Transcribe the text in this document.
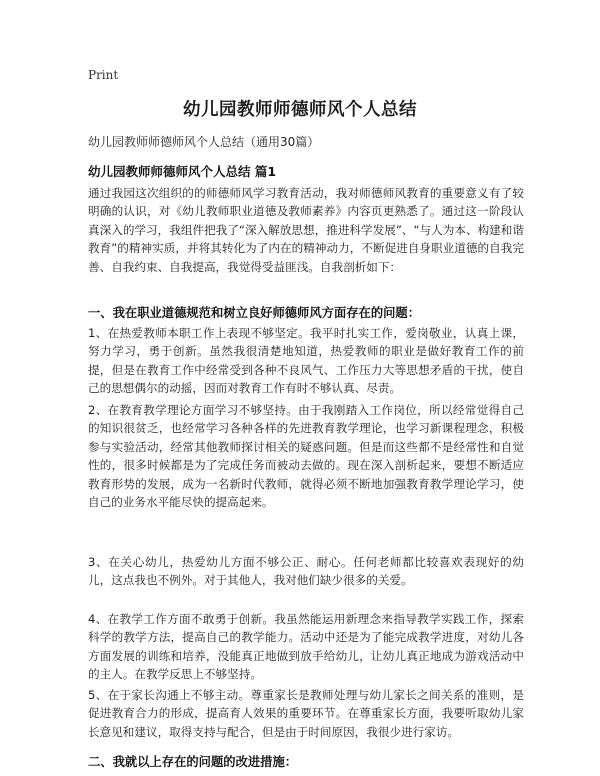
Print
幼儿园教师师德师风个人总结
幼儿园教师师德师风个人总结（通用30篇）
幼儿园教师师德师风个人总结 篇1

通过我园这次组织的的师德师风学习教育活动，我对师德师风教育的重要意义有了较明确的认识，对《幼儿教师职业道德及教师素养》内容页更熟悉了。通过这一阶段认真深入的学习，我组件把我了“深入解放思想，推进科学发展”、“与人为本、构建和谐教育”的精神实质，并将其转化为了内在的精神动力，不断促进自身职业道德的自我完善、自我约束、自我提高，我觉得受益匪浅。自我剖析如下：

一、我在职业道德规范和树立良好师德师风方面存在的问题：

1、在热爱教师本职工作上表现不够坚定。我平时扎实工作，爱岗敬业，认真上课，努力学习，勇于创新。虽然我很清楚地知道，热爱教师的职业是做好教育工作的前提，但是在教育工作中经常受到各种不良风气、工作压力大等思想矛盾的干扰，使自己的思想偶尔的动摇，因而对教育工作有时不够认真、尽责。

2、在教育教学理论方面学习不够坚持。由于我刚踏入工作岗位，所以经常觉得自己的知识很贫乏，也经常学习各种各样的先进教育教学理论，也学习新课程理念，积极参与实验活动，经常其他教师探讨相关的疑惑问题。但是而这些都不是经常性和自觉性的，很多时候都是为了完成任务而被动去做的。现在深入剖析起来，要想不断适应教育形势的发展，成为一名新时代教师，就得必须不断地加强教育教学理论学习，使自己的业务水平能尽快的提高起来。

3、在关心幼儿，热爱幼儿方面不够公正、耐心。任何老师都比较喜欢表现好的幼儿，这点我也不例外。对于其他人，我对他们缺少很多的关爱。

4、在教学工作方面不敢勇于创新。我虽然能运用新理念来指导教学实践工作，探索科学的教学方法，提高自己的教学能力。活动中还是为了能完成教学进度，对幼儿各方面发展的训练和培养，没能真正地做到放手给幼儿，让幼儿真正地成为游戏活动中的主人。在教学反思上不够坚持。

5、在于家长沟通上不够主动。尊重家长是教师处理与幼儿家长之间关系的准则，是促进教育合力的形成，提高育人效果的重要环节。在尊重家长方面，我要听取幼儿家长意见和建议，取得支持与配合，但是由于时间原因，我很少进行家访。

二、我就以上存在的问题的改进措施：
